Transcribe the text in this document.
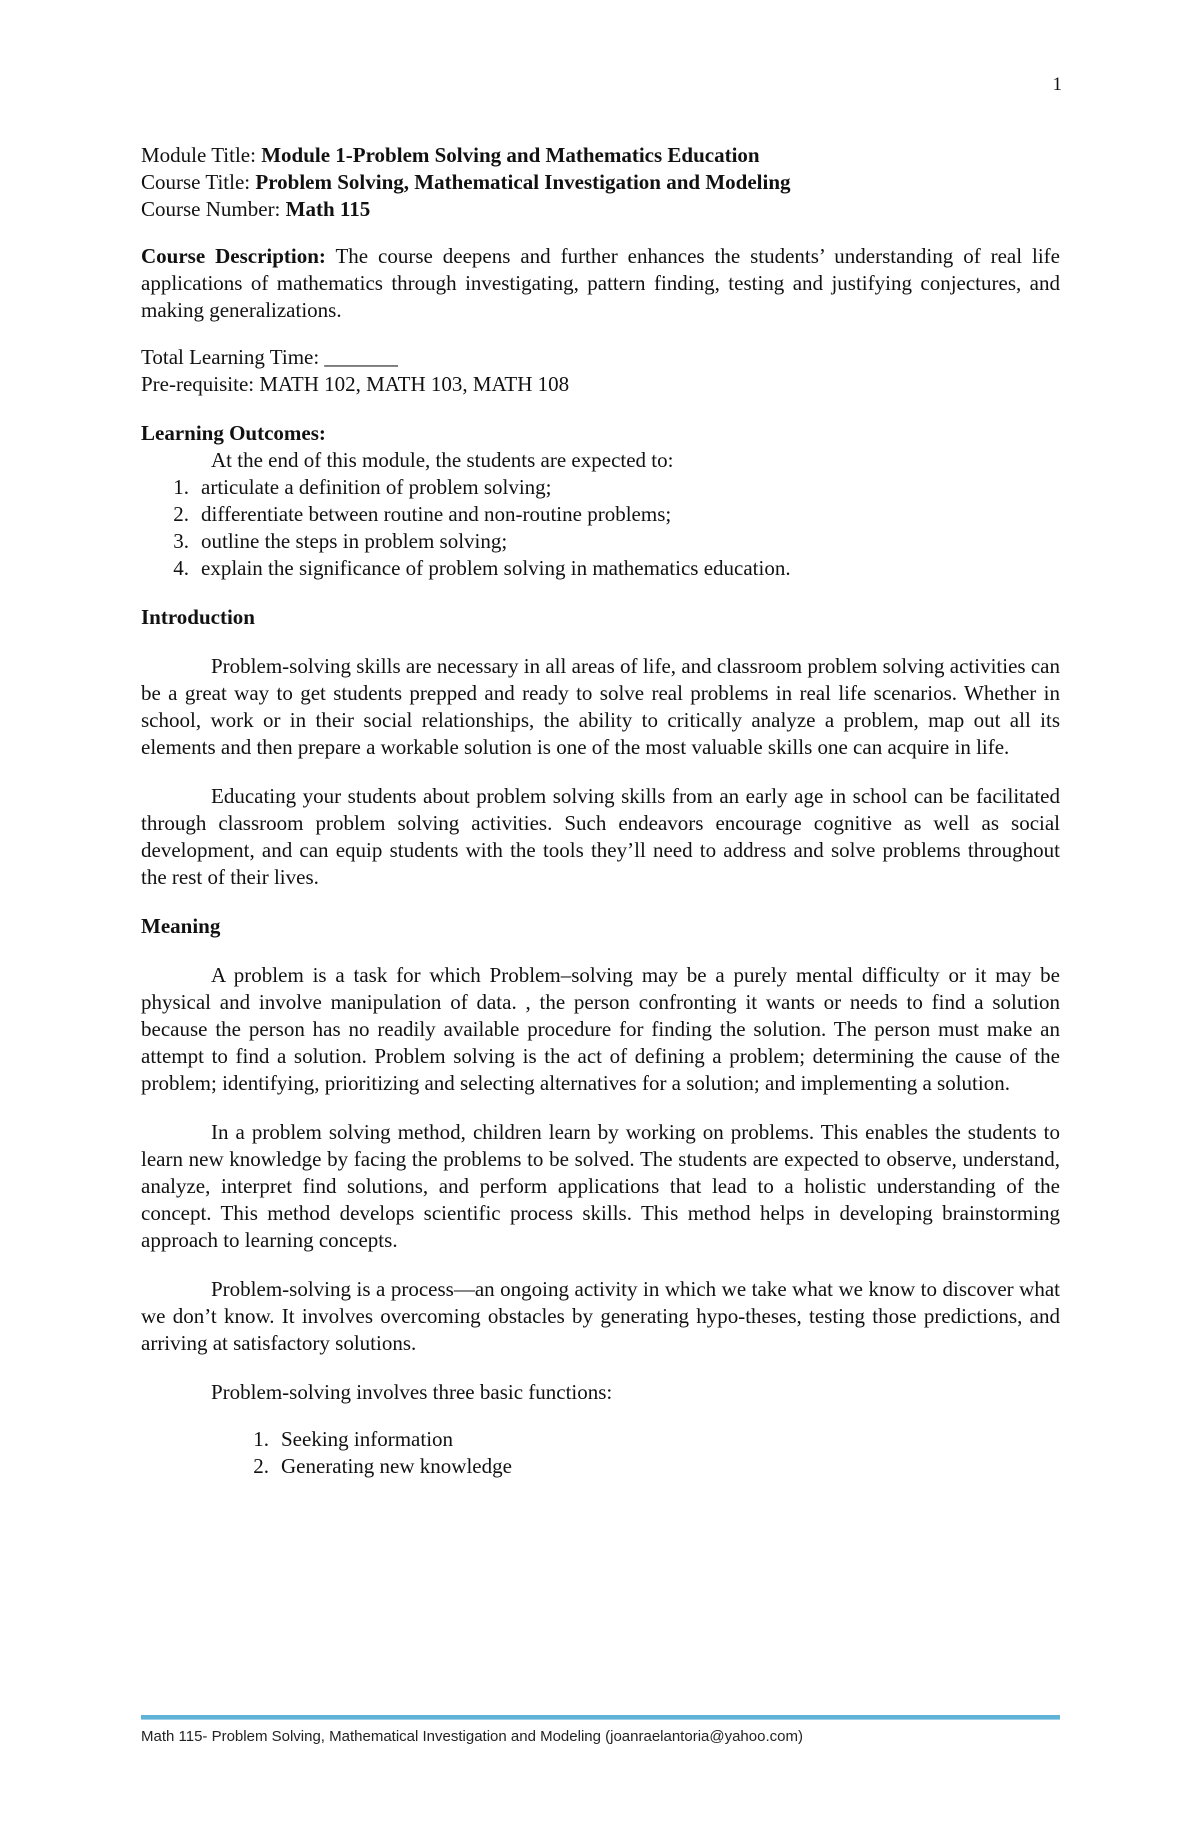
1

Module Title: Module 1-Problem Solving and Mathematics Education

Course Title: Problem Solving, Mathematical Investigation and Modeling

Course Number: Math 115

Course Description: The course deepens and further enhances the students’ understanding of real life applications of mathematics through investigating, pattern finding, testing and justifying conjectures, and making generalizations.

Total Learning Time: _______

Pre-requisite: MATH 102, MATH 103, MATH 108

Learning Outcomes:

At the end of this module, the students are expected to:

1. articulate a definition of problem solving;
2. differentiate between routine and non-routine problems;
3. outline the steps in problem solving;
4. explain the significance of problem solving in mathematics education.

Introduction

Problem-solving skills are necessary in all areas of life, and classroom problem solving activities can be a great way to get students prepped and ready to solve real problems in real life scenarios. Whether in school, work or in their social relationships, the ability to critically analyze a problem, map out all its elements and then prepare a workable solution is one of the most valuable skills one can acquire in life.

Educating your students about problem solving skills from an early age in school can be facilitated through classroom problem solving activities. Such endeavors encourage cognitive as well as social development, and can equip students with the tools they’ll need to address and solve problems throughout the rest of their lives.

Meaning

A problem is a task for which Problem–solving may be a purely mental difficulty or it may be physical and involve manipulation of data. , the person confronting it wants or needs to find a solution because the person has no readily available procedure for finding the solution. The person must make an attempt to find a solution. Problem solving is the act of defining a problem; determining the cause of the problem; identifying, prioritizing and selecting alternatives for a solution; and implementing a solution.

In a problem solving method, children learn by working on problems. This enables the students to learn new knowledge by facing the problems to be solved. The students are expected to observe, understand, analyze, interpret find solutions, and perform applications that lead to a holistic understanding of the concept. This method develops scientific process skills. This method helps in developing brainstorming approach to learning concepts.

Problem-solving is a process—an ongoing activity in which we take what we know to discover what we don’t know. It involves overcoming obstacles by generating hypo-theses, testing those predictions, and arriving at satisfactory solutions.

Problem-solving involves three basic functions:

1. Seeking information
2. Generating new knowledge
Math 115- Problem Solving, Mathematical Investigation and Modeling (joanraelantoria@yahoo.com)
